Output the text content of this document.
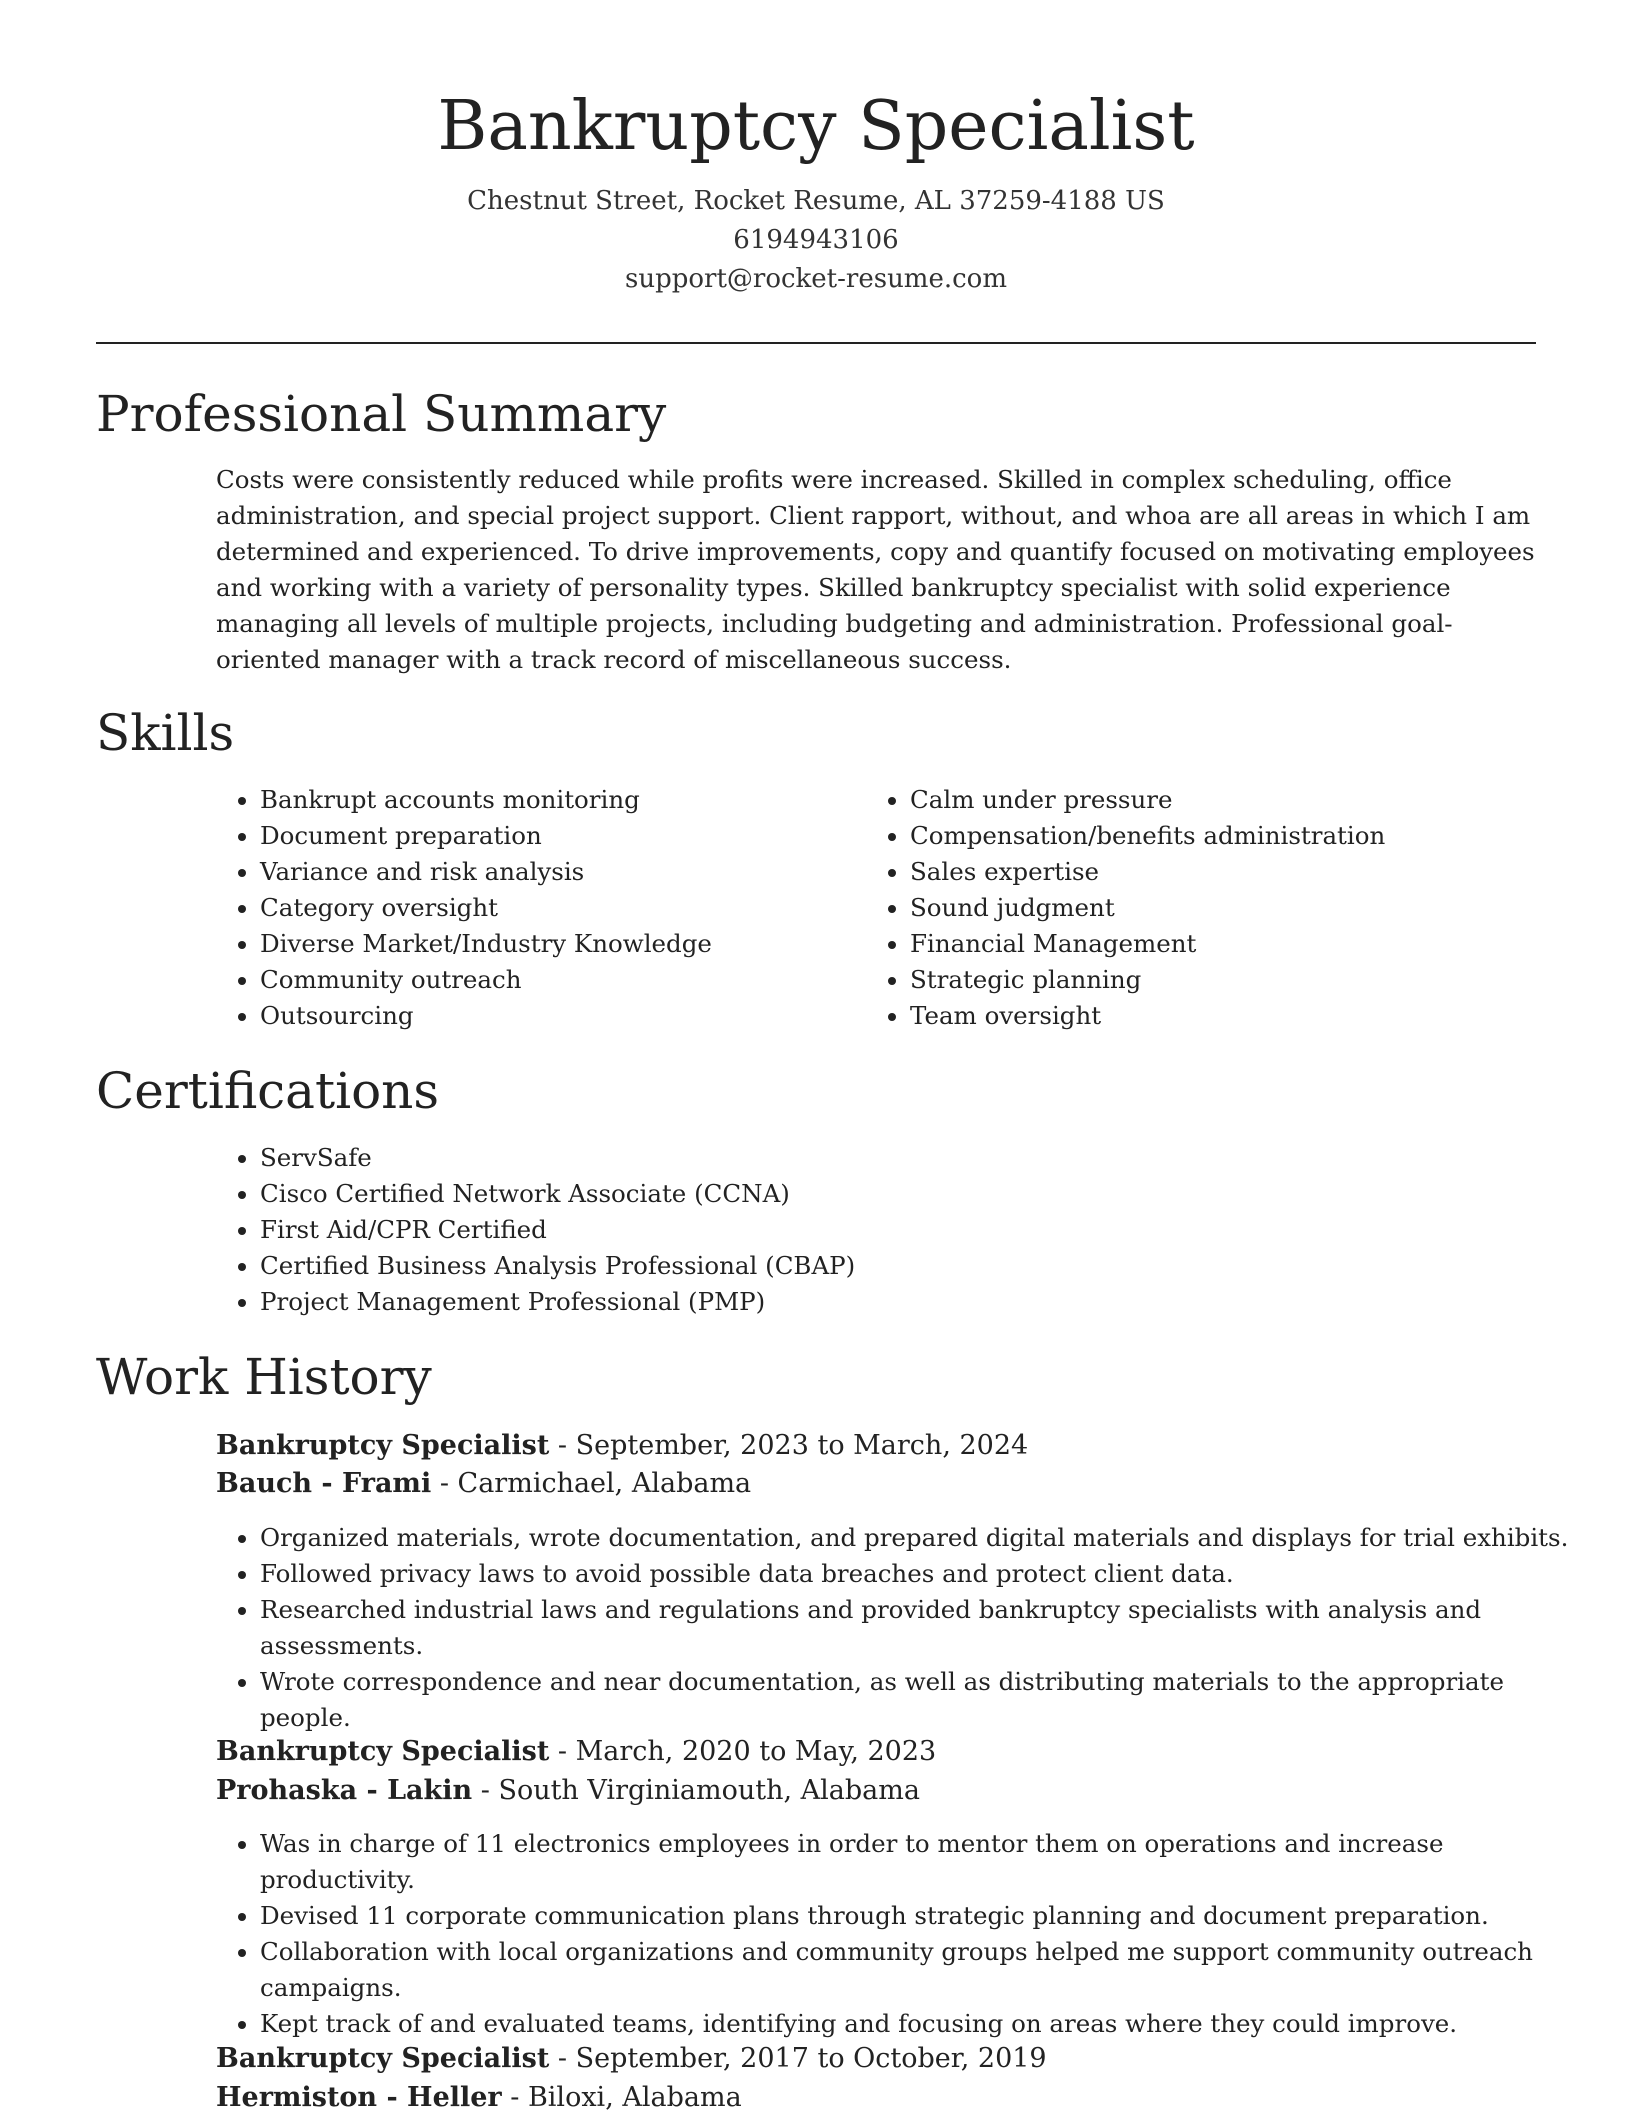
Bankruptcy Specialist
Chestnut Street, Rocket Resume, AL 37259-4188 US
6194943106
support@rocket-resume.com
Professional Summary

Costs were consistently reduced while profits were increased. Skilled in complex scheduling, office administration, and special project support. Client rapport, without, and whoa are all areas in which I am determined and experienced. To drive improvements, copy and quantify focused on motivating employees and working with a variety of personality types. Skilled bankruptcy specialist with solid experience managing all levels of multiple projects, including budgeting and administration. Professional goal-oriented manager with a track record of miscellaneous success.

Skills
• Bankrupt accounts monitoring
• Document preparation
• Variance and risk analysis
• Category oversight
• Diverse Market/Industry Knowledge
• Community outreach
• Outsourcing
• Calm under pressure
• Compensation/benefits administration
• Sales expertise
• Sound judgment
• Financial Management
• Strategic planning
• Team oversight
Certifications
• ServSafe
• Cisco Certified Network Associate (CCNA)
• First Aid/CPR Certified
• Certified Business Analysis Professional (CBAP)
• Project Management Professional (PMP)
Work History
Bankruptcy Specialist - September, 2023 to March, 2024
Bauch - Frami - Carmichael, Alabama
• Organized materials, wrote documentation, and prepared digital materials and displays for trial exhibits.
• Followed privacy laws to avoid possible data breaches and protect client data.
• Researched industrial laws and regulations and provided bankruptcy specialists with analysis and assessments.
• Wrote correspondence and near documentation, as well as distributing materials to the appropriate people.
Bankruptcy Specialist - March, 2020 to May, 2023
Prohaska - Lakin - South Virginiamouth, Alabama
• Was in charge of 11 electronics employees in order to mentor them on operations and increase productivity.
• Devised 11 corporate communication plans through strategic planning and document preparation.
• Collaboration with local organizations and community groups helped me support community outreach campaigns.
• Kept track of and evaluated teams, identifying and focusing on areas where they could improve.
Bankruptcy Specialist - September, 2017 to October, 2019
Hermiston - Heller - Biloxi, Alabama
